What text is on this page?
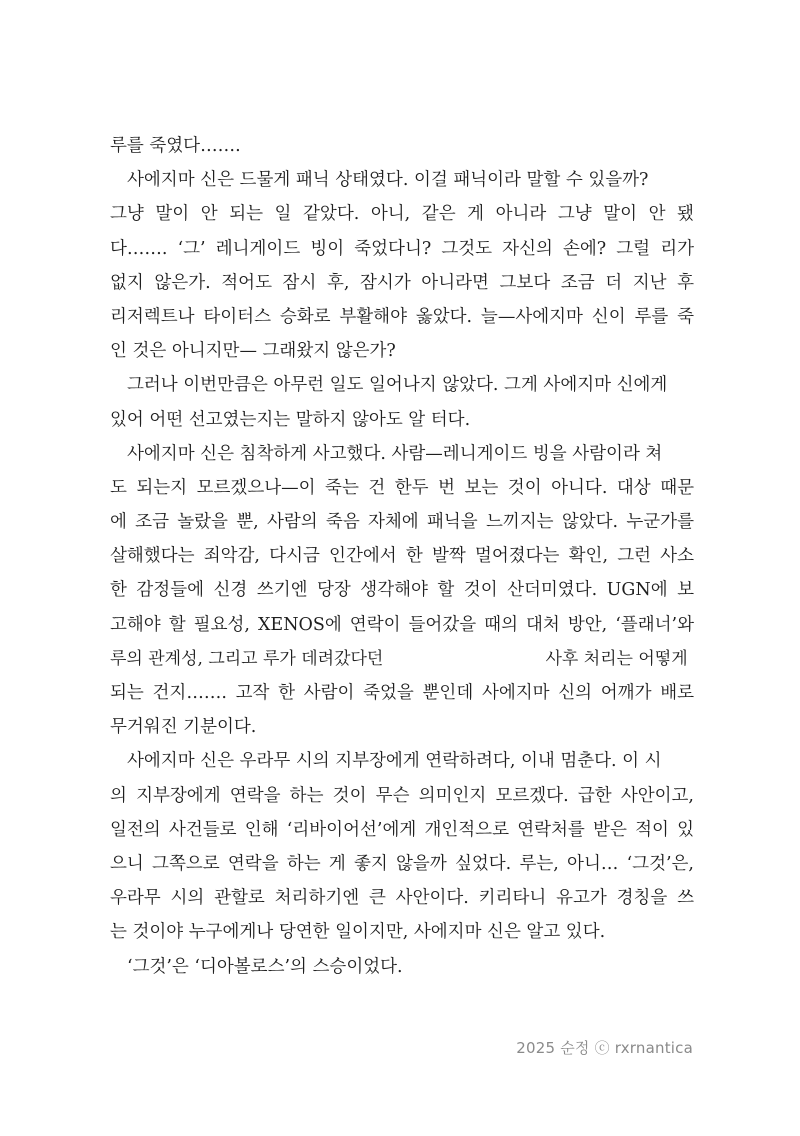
루를 죽였다…….
사에지마 신은 드물게 패닉 상태였다. 이걸 패닉이라 말할 수 있을까?
그냥 말이 안 되는 일 같았다. 아니, 같은 게 아니라 그냥 말이 안 됐
다……. ‘그’ 레니게이드 빙이 죽었다니? 그것도 자신의 손에? 그럴 리가
없지 않은가. 적어도 잠시 후, 잠시가 아니라면 그보다 조금 더 지난 후
리저렉트나 타이터스 승화로 부활해야 옳았다. 늘—사에지마 신이 루를 죽
인 것은 아니지만— 그래왔지 않은가?
그러나 이번만큼은 아무런 일도 일어나지 않았다. 그게 사에지마 신에게
있어 어떤 선고였는지는 말하지 않아도 알 터다.
사에지마 신은 침착하게 사고했다. 사람—레니게이드 빙을 사람이라 쳐
도 되는지 모르겠으나—이 죽는 건 한두 번 보는 것이 아니다. 대상 때문
에 조금 놀랐을 뿐, 사람의 죽음 자체에 패닉을 느끼지는 않았다. 누군가를
살해했다는 죄악감, 다시금 인간에서 한 발짝 멀어졌다는 확인, 그런 사소
한 감정들에 신경 쓰기엔 당장 생각해야 할 것이 산더미였다. UGN에 보
고해야 할 필요성, XENOS에 연락이 들어갔을 때의 대처 방안, ‘플래너’와
루의 관계성, 그리고 루가 데려갔다던                              사후 처리는 어떻게
되는 건지……. 고작 한 사람이 죽었을 뿐인데 사에지마 신의 어깨가 배로
무거워진 기분이다.
사에지마 신은 우라무 시의 지부장에게 연락하려다, 이내 멈춘다. 이 시
의 지부장에게 연락을 하는 것이 무슨 의미인지 모르겠다. 급한 사안이고,
일전의 사건들로 인해 ‘리바이어선’에게 개인적으로 연락처를 받은 적이 있
으니 그쪽으로 연락을 하는 게 좋지 않을까 싶었다. 루는, 아니… ‘그것’은,
우라무 시의 관할로 처리하기엔 큰 사안이다. 키리타니 유고가 경칭을 쓰
는 것이야 누구에게나 당연한 일이지만, 사에지마 신은 알고 있다.
‘그것’은 ‘디아볼로스’의 스승이었다.
2025 순정 ⓒ rxrnantica
